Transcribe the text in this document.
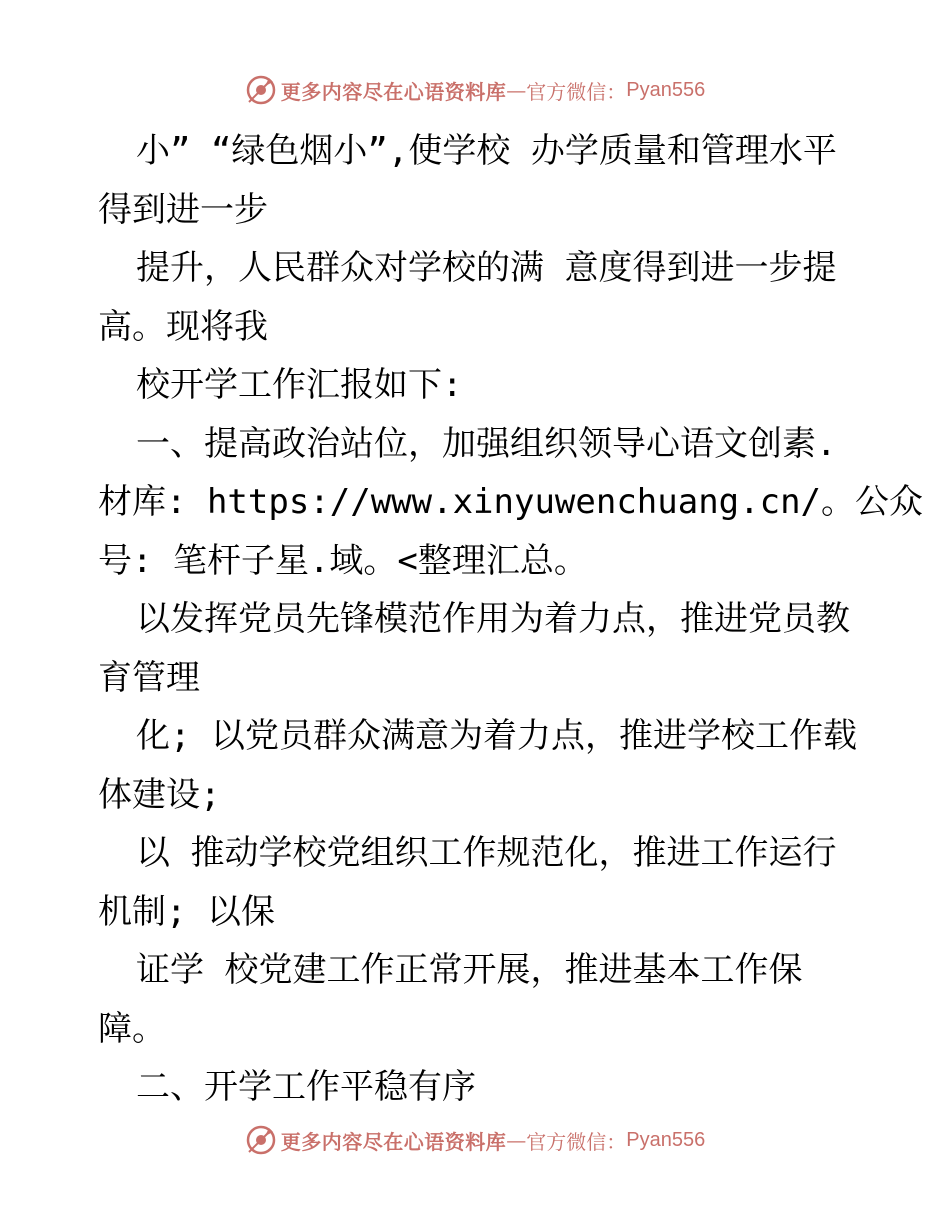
更多内容尽在心语资料库 — 官方微信： Pyan556
小” “绿色烟小”,使学校 办学质量和管理水平
得到进一步
提升，人民群众对学校的满 意度得到进一步提
高。现将我
校开学工作汇报如下:
一、提高政治站位，加强组织领导心语文创素.
材库: https://www.xinyuwenchuang.cn/。公众
号: 笔杆子星.域。<整理汇总。
以发挥党员先锋模范作用为着力点，推进党员教
育管理
化; 以党员群众满意为着力点，推进学校工作载
体建设;
以 推动学校党组织工作规范化，推进工作运行
机制; 以保
证学 校党建工作正常开展，推进基本工作保
障。
二、开学工作平稳有序
更多内容尽在心语资料库 — 官方微信： Pyan556
